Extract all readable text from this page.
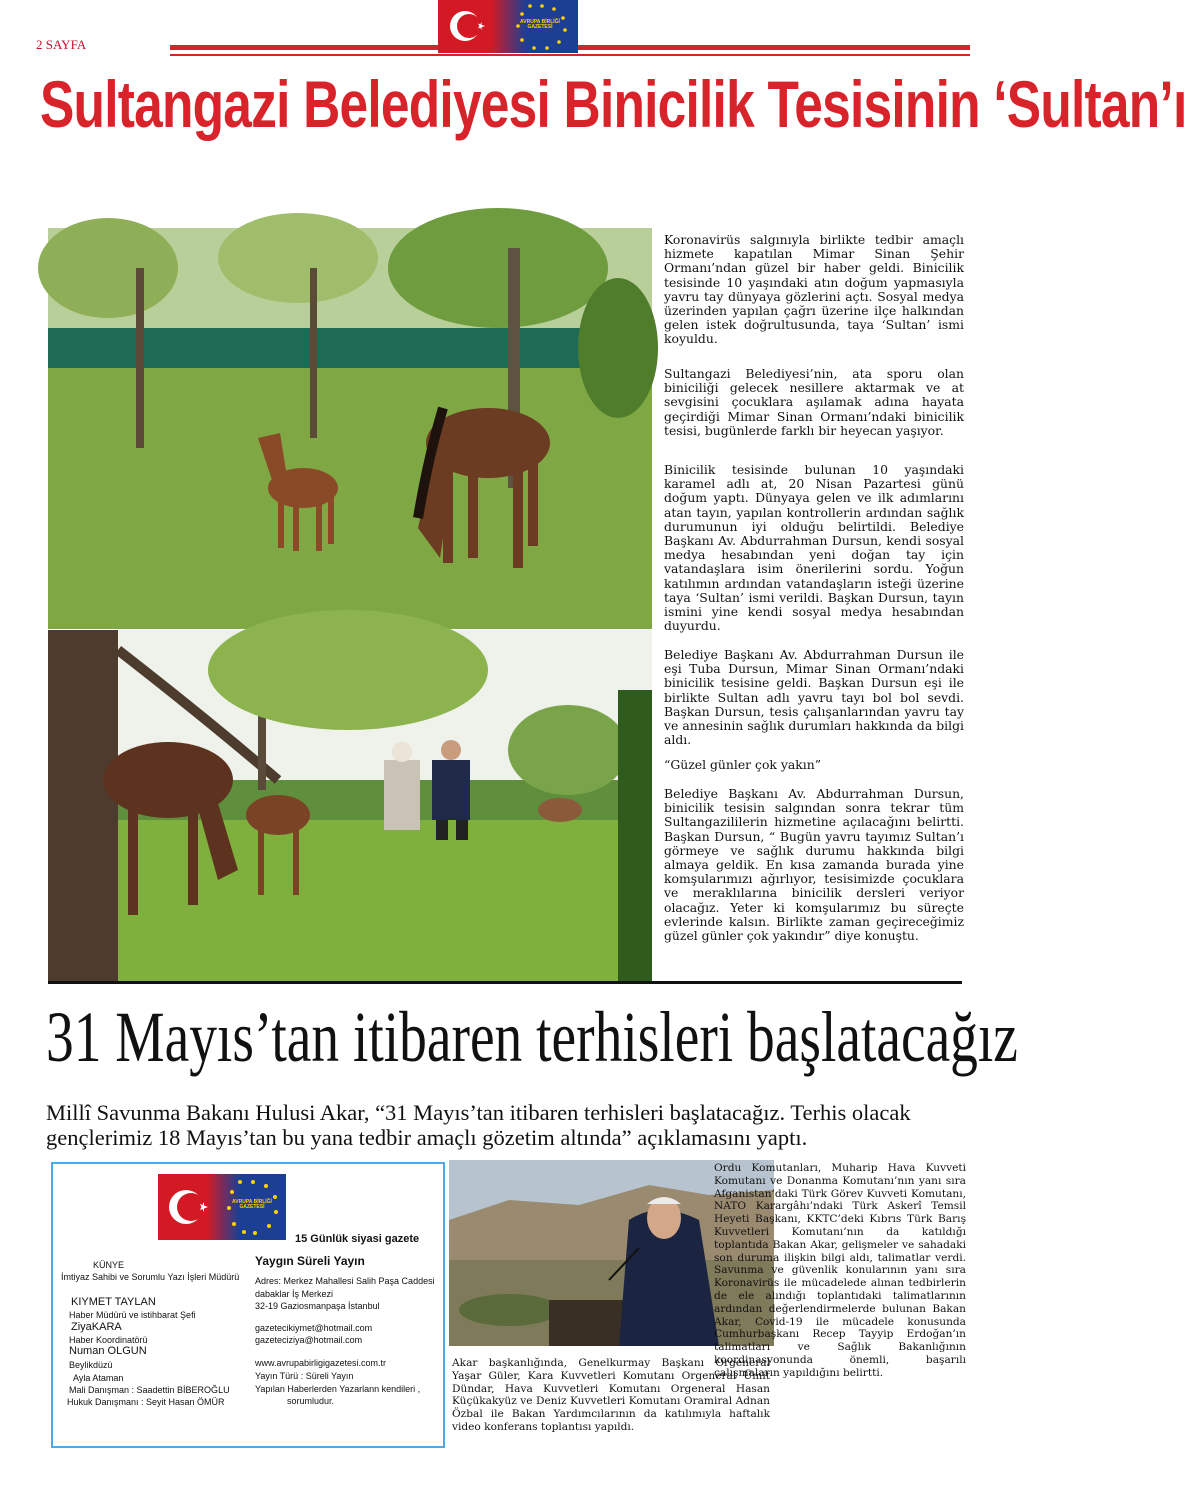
2 SAYFA
AVRUPA BİRLİĞİ GAZETESİ
Sultangazi Belediyesi Binicilik Tesisinin ‘Sultan’ı

Koronavirüs salgınıyla birlikte tedbir amaçlı hizmete kapatılan Mimar Sinan Şehir Ormanı’ndan güzel bir haber geldi. Binicilik tesisinde 10 yaşındaki atın doğum yapmasıyla yavru tay dünyaya gözlerini açtı. Sosyal medya üzerinden yapılan çağrı üzerine ilçe halkından gelen istek doğrultusunda, taya ‘Sultan’ ismi koyuldu.

Sultangazi Belediyesi’nin, ata sporu olan biniciliği gelecek nesillere aktarmak ve at sevgisini çocuklara aşılamak adına hayata geçirdiği Mimar Sinan Ormanı’ndaki binicilik tesisi, bugünlerde farklı bir heyecan yaşıyor.

Binicilik tesisinde bulunan 10 yaşındaki karamel adlı at, 20 Nisan Pazartesi günü doğum yaptı. Dünyaya gelen ve ilk adımlarını atan tayın, yapılan kontrollerin ardından sağlık durumunun iyi olduğu belirtildi. Belediye Başkanı Av. Abdurrahman Dursun, kendi sosyal medya hesabından yeni doğan tay için vatandaşlara isim önerilerini sordu. Yoğun katılımın ardından vatandaşların isteği üzerine taya ‘Sultan’ ismi verildi. Başkan Dursun, tayın ismini yine kendi sosyal medya hesabından duyurdu.

Belediye Başkanı Av. Abdurrahman Dursun ile eşi Tuba Dursun, Mimar Sinan Ormanı’ndaki binicilik tesisine geldi. Başkan Dursun eşi ile birlikte Sultan adlı yavru tayı bol bol sevdi. Başkan Dursun, tesis çalışanlarından yavru tay ve annesinin sağlık durumları hakkında da bilgi aldı.

“Güzel günler çok yakın”

Belediye Başkanı Av. Abdurrahman Dursun, binicilik tesisin salgından sonra tekrar tüm Sultangazililerin hizmetine açılacağını belirtti. Başkan Dursun, “ Bugün yavru tayımız Sultan’ı görmeye ve sağlık durumu hakkında bilgi almaya geldik. En kısa zamanda burada yine komşularımızı ağırlıyor, tesisimizde çocuklara ve meraklılarına binicilik dersleri veriyor olacağız. Yeter ki komşularımız bu süreçte evlerinde kalsın. Birlikte zaman geçireceğimiz güzel günler çok yakındır” diye konuştu.

31 Mayıs’tan itibaren terhisleri başlatacağız
Millî Savunma Bakanı Hulusi Akar, “31 Mayıs’tan itibaren terhisleri başlatacağız. Terhis olacak gençlerimiz 18 Mayıs’tan bu yana tedbir amaçlı gözetim altında” açıklamasını yaptı.
AVRUPA BİRLİĞİ GAZETESİ
15 Günlük siyasi gazete
KÜNYE
İmtiyaz Sahibi ve Sorumlu Yazı İşleri Müdürü
KIYMET TAYLAN
Haber Müdürü ve istihbarat Şefi
ZiyaKARA
Haber Koordinatörü
Numan OLGUN
Beylikdüzü
Ayla Ataman
Mali Danışman : Saadettin BİBEROĞLU
Hukuk Danışmanı : Seyit Hasan ÖMÜR
Yaygın Süreli Yayın
Adres: Merkez Mahallesi Salih Paşa Caddesi
dabaklar İş Merkezi
32-19 Gaziosmanpaşa İstanbul
gazetecikiymet@hotmail.com
gazeteciziya@hotmail.com
www.avrupabirligigazetesi.com.tr
Yayın Türü : Süreli Yayın
Yapılan Haberlerden Yazarlann kendileri ,
sorumludur.
Akar başkanlığında, Genelkurmay Başkanı Orgeneral Yaşar Güler, Kara Kuvvetleri Komutanı Orgeneral Ümit Dündar, Hava Kuvvetleri Komutanı Orgeneral Hasan Küçükakyüz ve Deniz Kuvvetleri Komutanı Oramiral Adnan Özbal ile Bakan Yardımcılarının da katılımıyla haftalık video konferans toplantısı yapıldı.

Ordu Komutanları, Muharip Hava Kuvveti Komutanı ve Donanma Komutanı’nın yanı sıra Afganistan’daki Türk Görev Kuvveti Komutanı, NATO Karargâhı’ndaki Türk Askerî Temsil Heyeti Başkanı, KKTC’deki Kıbrıs Türk Barış Kuvvetleri Komutanı’nın da katıldığı toplantıda Bakan Akar, gelişmeler ve sahadaki son duruma ilişkin bilgi aldı, talimatlar verdi. Savunma ve güvenlik konularının yanı sıra Koronavirüs ile mücadelede alınan tedbirlerin de ele alındığı toplantıdaki talimatlarının ardından değerlendirmelerde bulunan Bakan Akar, Covid-19 ile mücadele konusunda Cumhurbaşkanı Recep Tayyip Erdoğan’ın talimatları ve Sağlık Bakanlığının koordinasyonunda önemli, başarılı çalışmaların yapıldığını belirtti.
